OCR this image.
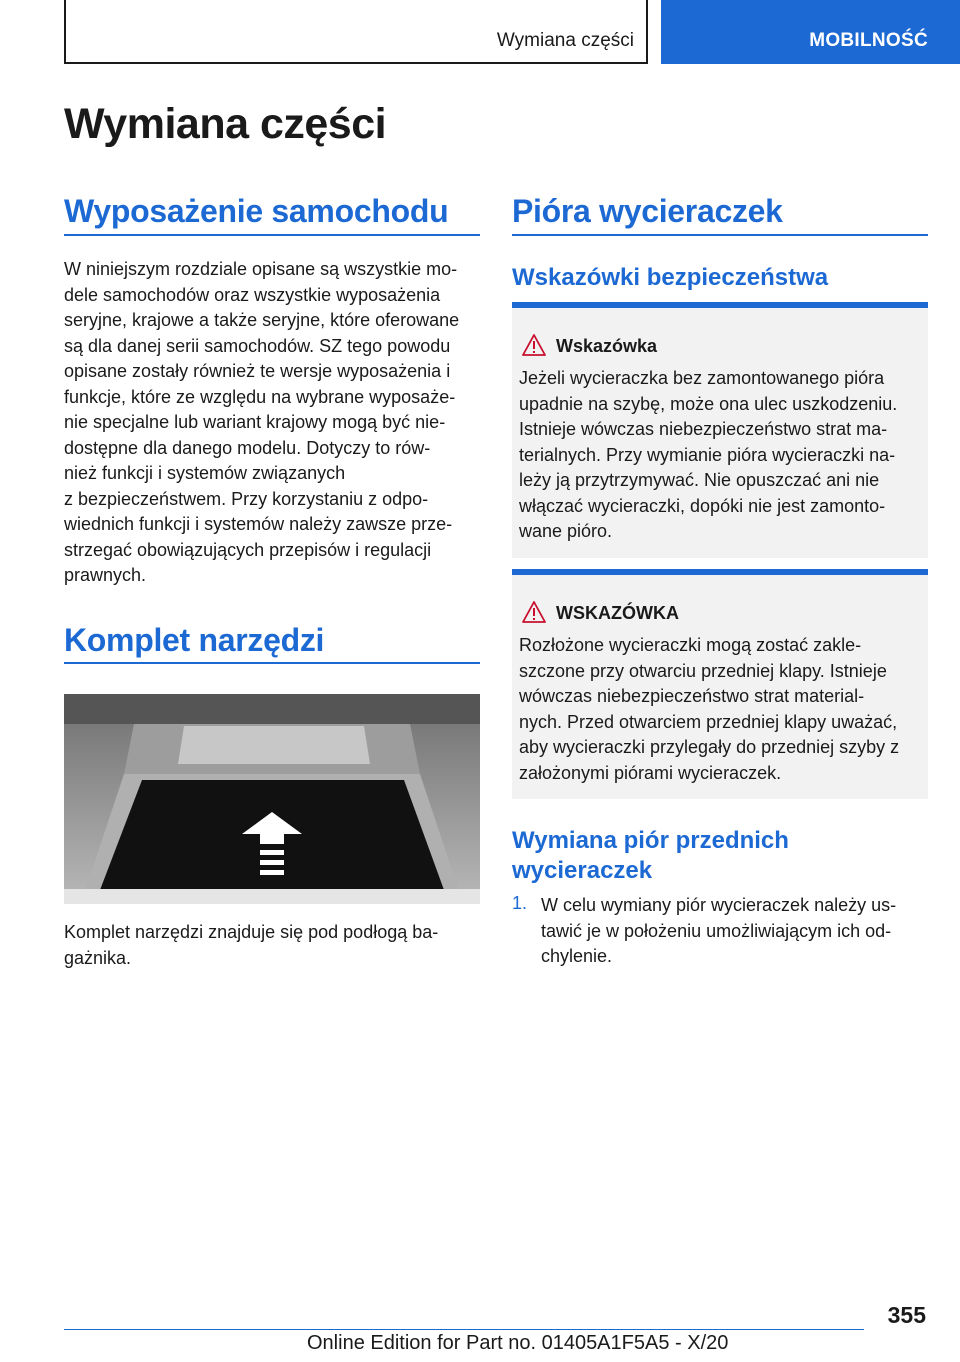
Wymiana części	MOBILNOŚĆ
Wymiana części
Wyposażenie samochodu
W niniejszym rozdziale opisane są wszystkie mo‐
dele samochodów oraz wszystkie wyposażenia
seryjne, krajowe a także seryjne, które oferowane
są dla danej serii samochodów. SZ tego powodu
opisane zostały również te wersje wyposażenia i
funkcje, które ze względu na wybrane wyposaże‐
nie specjalne lub wariant krajowy mogą być nie‐
dostępne dla danego modelu. Dotyczy to rów‐
nież funkcji i systemów związanych
z bezpieczeństwem. Przy korzystaniu z odpo‐
wiednich funkcji i systemów należy zawsze prze‐
strzegać obowiązujących przepisów i regulacji
prawnych.
Komplet narzędzi
Komplet narzędzi znajduje się pod podłogą ba‐
gażnika.
Pióra wycieraczek
Wskazówki bezpieczeństwa
Wskazówka
Jeżeli wycieraczka bez zamontowanego pióra
upadnie na szybę, może ona ulec uszkodzeniu.
Istnieje wówczas niebezpieczeństwo strat ma‐
terialnych. Przy wymianie pióra wycieraczki na‐
leży ją przytrzymywać. Nie opuszczać ani nie
włączać wycieraczki, dopóki nie jest zamonto‐
wane pióro.
WSKAZÓWKA
Rozłożone wycieraczki mogą zostać zakle‐
szczone przy otwarciu przedniej klapy. Istnieje
wówczas niebezpieczeństwo strat material‐
nych. Przed otwarciem przedniej klapy uważać,
aby wycieraczki przylegały do przedniej szyby z
założonymi piórami wycieraczek.
Wymiana piór przednich
wycieraczek
1. W celu wymiany piór wycieraczek należy us‐
tawić je w położeniu umożliwiającym ich od‐
chylenie.
355
Online Edition for Part no. 01405A1F5A5 - X/20
